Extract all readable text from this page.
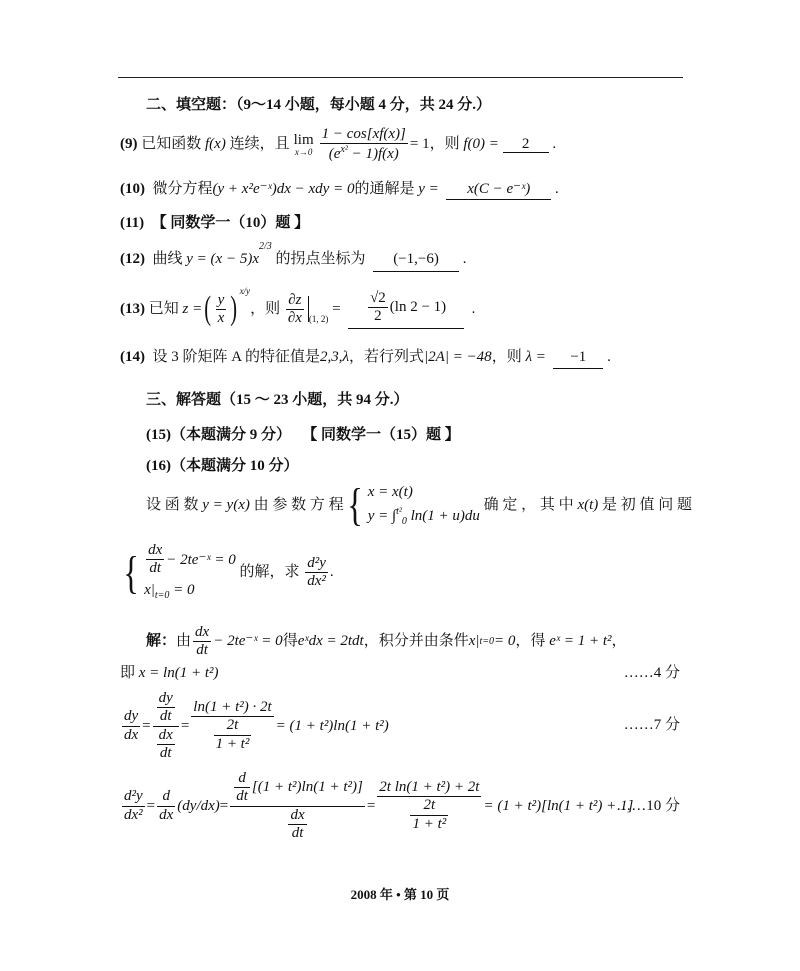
二、填空题：（9～14 小题，每小题 4 分，共 24 分.）
(9)
已知函数
f(x)
连续，且 lim
$x\to 0 \frac{1 - \cos[xf(x)]}{(e^{x^2} - 1)f(x)} = 1$，则
f(0) =
	2
	.
(10) 微分方程(y + x²e⁻ˣ)dx − xdy = 0的通解是 y = x(C − e⁻ˣ) .
(11) 【 同数学一（10）题 】
(12) 曲线 $y = (x - 5)x^{2/3}$ 的拐点坐标为 (−1,−6) .
(13)
已知
z = ( $\frac{y}{x}$ ) x/y
，则
$\frac{\partial z}{\partial x} (1$, 2)

=
$\frac{√2}{2} (\ln$ 2 − 1)
.
(14) 设 3 阶矩阵 A 的特征值是2,3,λ，若行列式|2A| = −48，则 λ = −1 .
三、解答题（15 ～ 23 小题，共 94 分.）
(15)（本题满分 9 分） 【 同数学一（15）题 】
(16)（本题满分 10 分）
设 函 数
y = y(x)
由 参 数 方 程 { x = x(t)
y = ∫$^{t^2}_0$ ln(1 + u)du

确 定 ， 其 中
x(t)
是 初 值 问 题
{ $\frac{dx}{dt}$ − 2te⁻ˣ = 0
$x|_{t=0} = 0$

的解，求
$\frac{\text{d²y}}{\text{dx²}}$ .
解： 由 $\frac{dx}{dt}$ − 2te⁻ˣ = 0 得 eˣdx = 2tdt ，积分并由条件 x| t=0 = 0 ，得
eˣ = 1 + t² ，
即 x = ln(1 + t²)	……4 分
$\frac{dy}{dx} = \frac{\frac{dy}{dt}}{\frac{dx}{dt}} = \frac{\text{ln(1 + t²) · 2t}}{\frac{2t}{\text{1 + t²}}} = (1 + t^2)\ln(1 + t^2)$	……7 分
$\frac{\text{d²y}}{\text{dx²}} = \frac{d}{dx} (dy/dx) = \frac{\frac{d}{dt} [(1 + t^2)\ln(1 + t^2)]}{\frac{dx}{dt}} = \frac{\text{2t ln(1 + t²) + 2t}}{\frac{2t}{\text{1 + t²}}} = (1 + t^2)[\ln(1 + t^2) + 1]$
……10 分
2008 年 • 第 10 页
